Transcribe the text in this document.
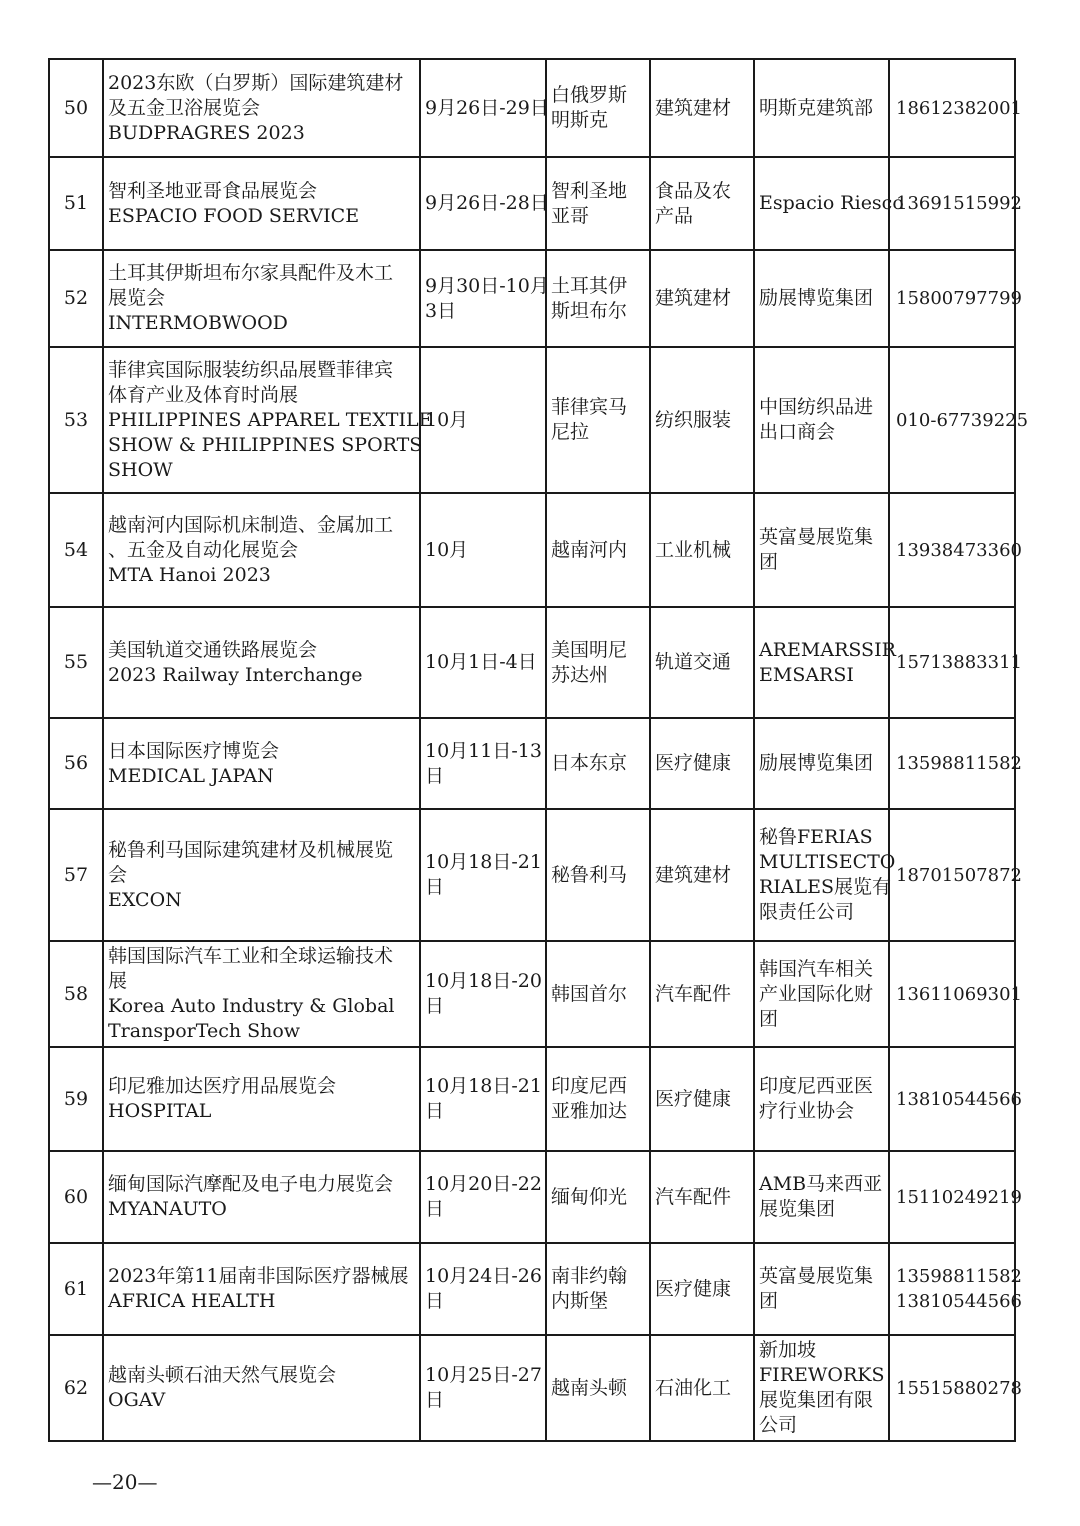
50	2023东欧（白罗斯）国际建筑建材
及五金卫浴展览会
BUDPRAGRES 2023	9月26日-29日	白俄罗斯
明斯克	建筑建材	明斯克建筑部	18612382001

51	智利圣地亚哥食品展览会
ESPACIO FOOD SERVICE	9月26日-28日	智利圣地
亚哥	食品及农
产品	Espacio Riesco	13691515992

52	土耳其伊斯坦布尔家具配件及木工
展览会
INTERMOBWOOD	9月30日-10月
3日	土耳其伊
斯坦布尔	建筑建材	励展博览集团	15800797799

53	菲律宾国际服装纺织品展暨菲律宾
体育产业及体育时尚展
PHILIPPINES APPAREL TEXTILE
SHOW & PHILIPPINES SPORTS
SHOW	10月	菲律宾马
尼拉	纺织服装	中国纺织品进
出口商会	010-67739225

54	越南河内国际机床制造、金属加工
、五金及自动化展览会
MTA Hanoi 2023	10月	越南河内	工业机械	英富曼展览集
团	13938473360

55	美国轨道交通铁路展览会
2023 Railway Interchange	10月1日-4日	美国明尼
苏达州	轨道交通	AREMARSSIR
EMSARSI	15713883311

56	日本国际医疗博览会
MEDICAL JAPAN	10月11日-13
日	日本东京	医疗健康	励展博览集团	13598811582

57	秘鲁利马国际建筑建材及机械展览
会
EXCON	10月18日-21
日	秘鲁利马	建筑建材	秘鲁FERIAS
MULTISECTO
RIALES展览有
限责任公司	18701507872

58	韩国国际汽车工业和全球运输技术
展
Korea Auto Industry & Global
TransporTech Show	10月18日-20
日	韩国首尔	汽车配件	韩国汽车相关
产业国际化财
团	13611069301

59	印尼雅加达医疗用品展览会
HOSPITAL	10月18日-21
日	印度尼西
亚雅加达	医疗健康	印度尼西亚医
疗行业协会	13810544566

60	缅甸国际汽摩配及电子电力展览会
MYANAUTO	10月20日-22
日	缅甸仰光	汽车配件	AMB马来西亚
展览集团	15110249219

61	2023年第11届南非国际医疗器械展
AFRICA HEALTH	10月24日-26
日	南非约翰
内斯堡	医疗健康	英富曼展览集
团	13598811582
13810544566

62	越南头顿石油天然气展览会
OGAV	10月25日-27
日	越南头顿	石油化工	新加坡
FIREWORKS
展览集团有限
公司	15515880278
—20—
